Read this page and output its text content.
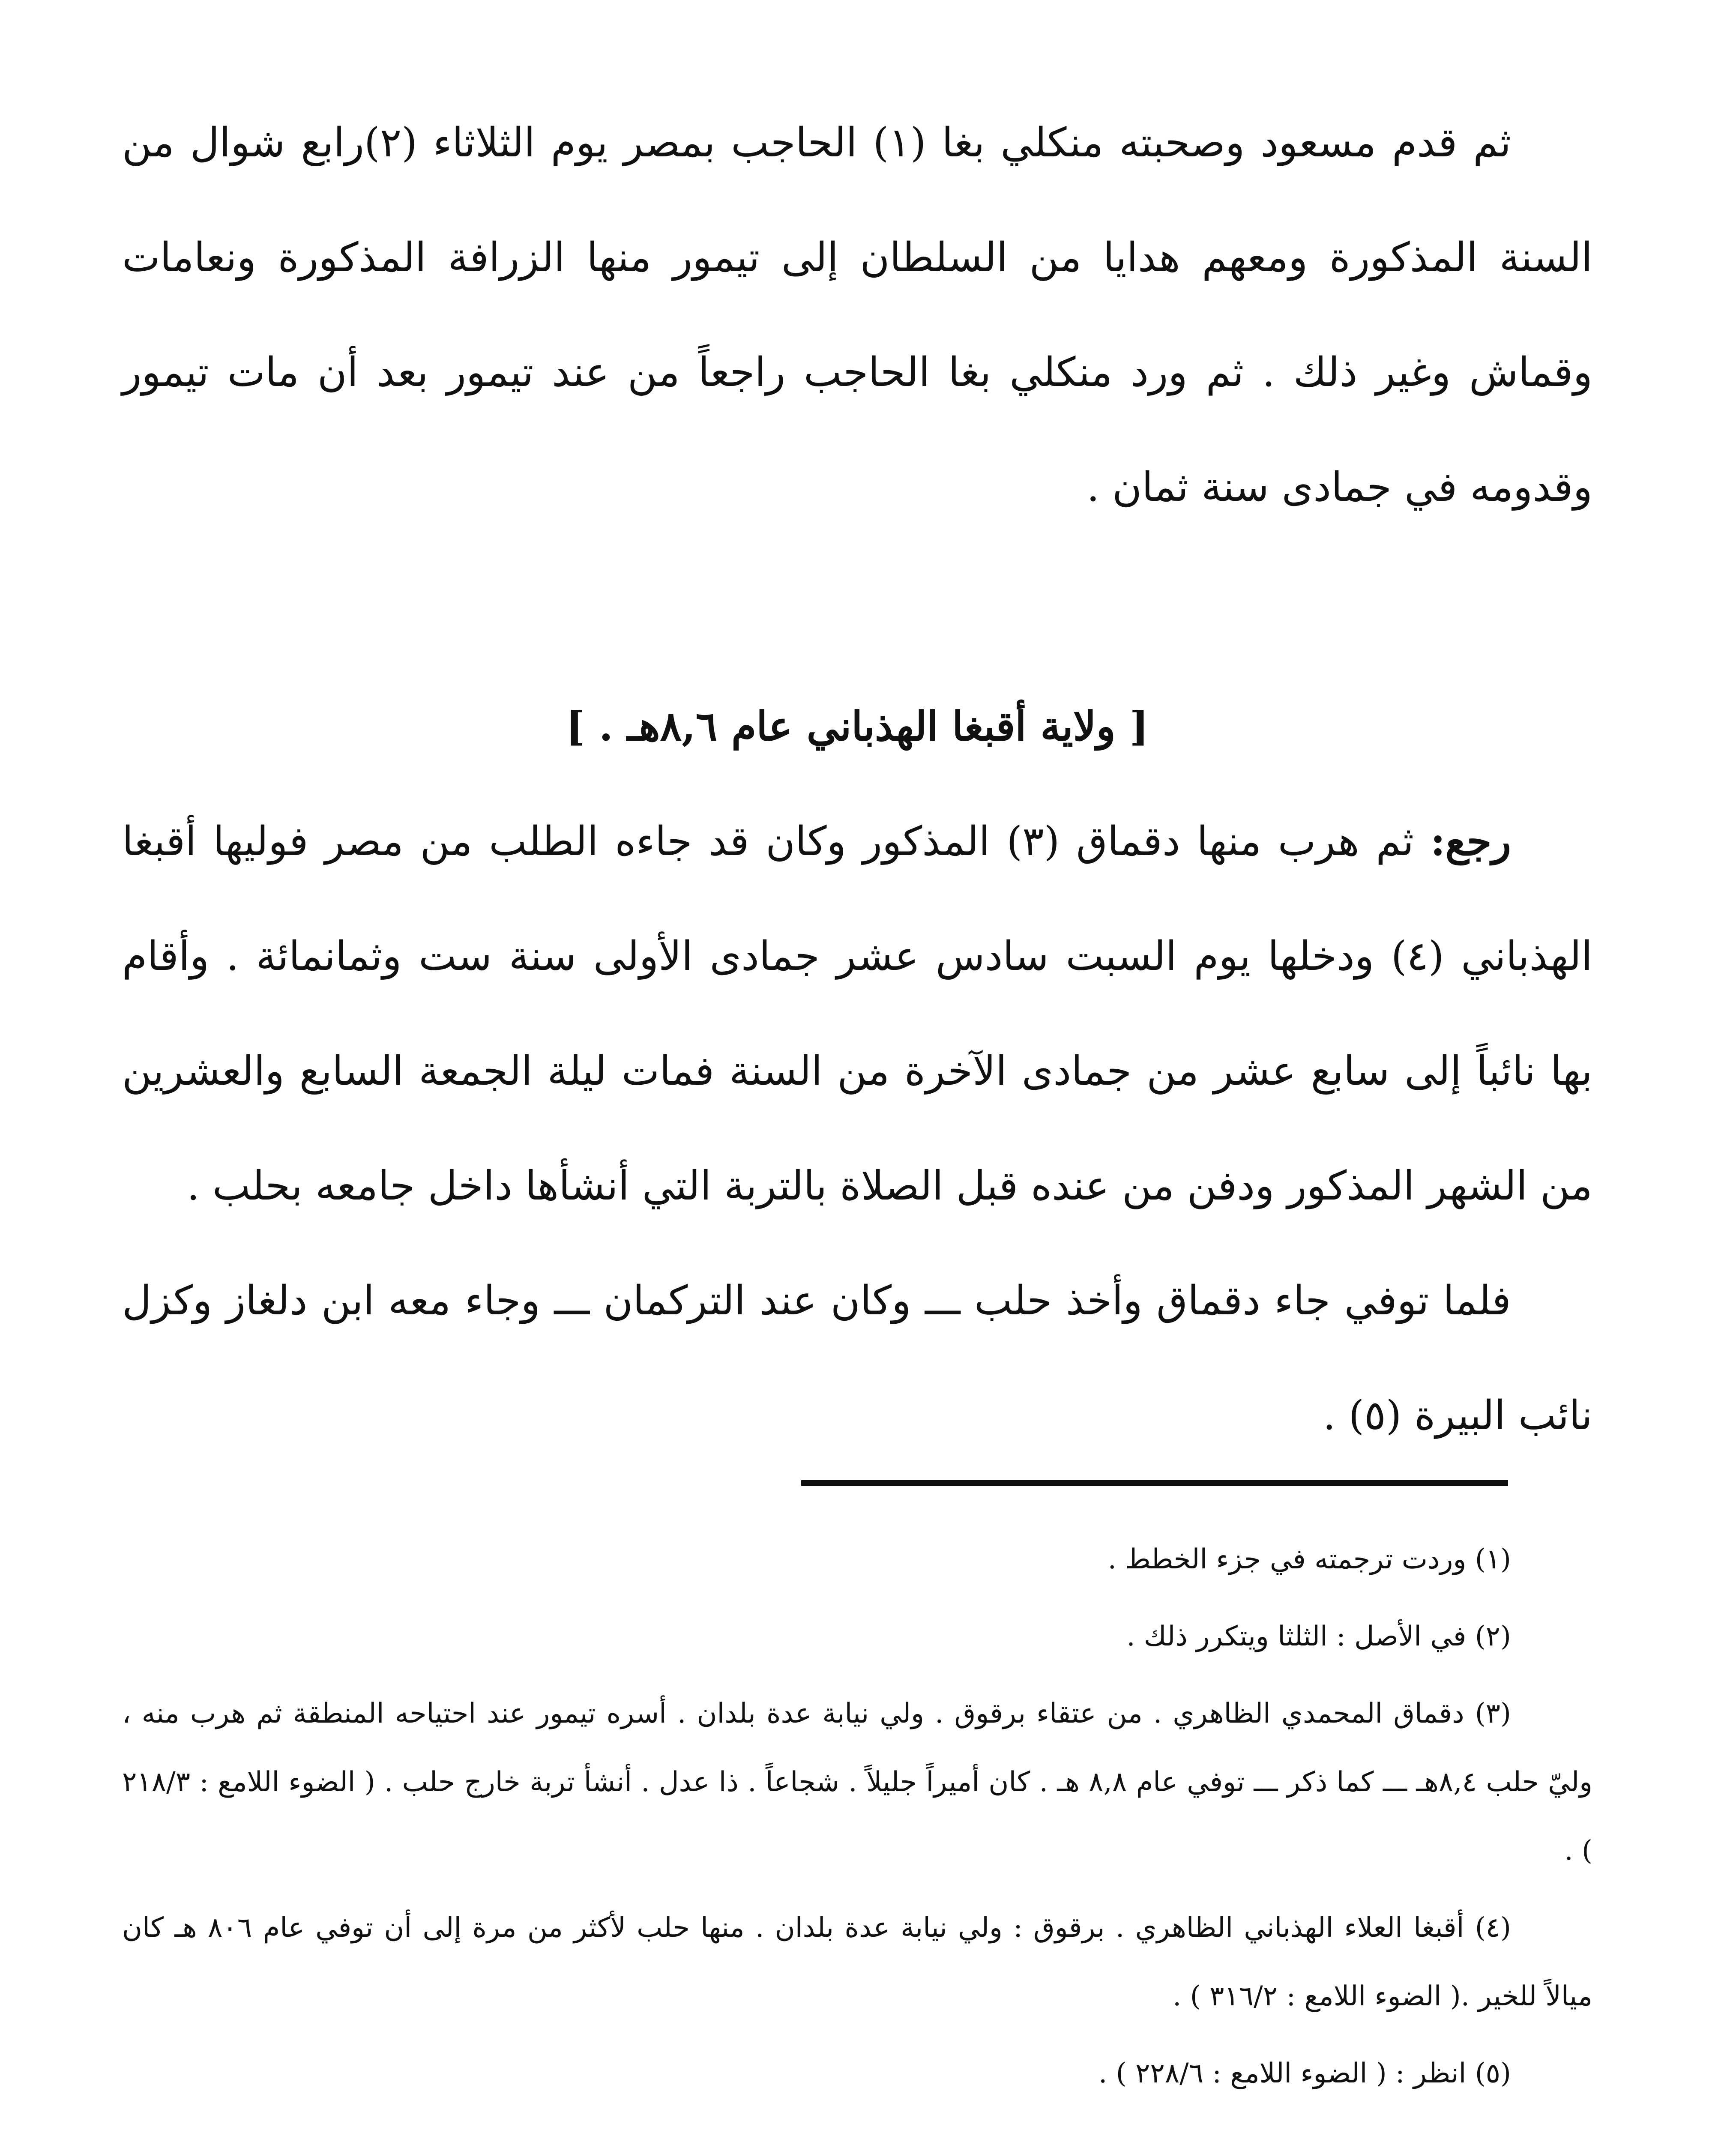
ثم قدم مسعود وصحبته منكلي بغا (١) الحاجب بمصر يوم الثلاثاء (٢)رابع شوال من السنة المذكورة ومعهم هدايا من السلطان إلى تيمور منها الزرافة المذكورة ونعامات وقماش وغير ذلك . ثم ورد منكلي بغا الحاجب راجعاً من عند تيمور بعد أن مات تيمور وقدومه في جمادى سنة ثمان .

[ ولاية أقبغا الهذباني عام ٨,٦هـ . ]

رجع: ثم هرب منها دقماق (٣) المذكور وكان قد جاءه الطلب من مصر فوليها أقبغا الهذباني (٤) ودخلها يوم السبت سادس عشر جمادى الأولى سنة ست وثمانمائة . وأقام بها نائباً إلى سابع عشر من جمادى الآخرة من السنة فمات ليلة الجمعة السابع والعشرين من الشهر المذكور ودفن من عنده قبل الصلاة بالتربة التي أنشأها داخل جامعه بحلب .

فلما توفي جاء دقماق وأخذ حلب ـــ وكان عند التركمان ـــ وجاء معه ابن دلغاز وكزل نائب البيرة (٥) .

(١) وردت ترجمته في جزء الخطط .

(٢) في الأصل : الثلثا ويتكرر ذلك .

(٣) دقماق المحمدي الظاهري . من عتقاء برقوق . ولي نيابة عدة بلدان . أسره تيمور عند احتياحه المنطقة ثم هرب منه ، وليّ حلب ٨,٤هـ ـــ كما ذكر ـــ توفي عام ٨,٨ هـ . كان أميراً جليلاً . شجاعاً . ذا عدل . أنشأ تربة خارج حلب . ( الضوء اللامع : ٢١٨/٣ ) .

(٤) أقبغا العلاء الهذباني الظاهري . برقوق : ولي نيابة عدة بلدان . منها حلب لأكثر من مرة إلى أن توفي عام ٨٠٦ هـ كان ميالاً للخير .( الضوء اللامع : ٣١٦/٢ ) .

(٥) انظر : ( الضوء اللامع : ٢٢٨/٦ ) .
